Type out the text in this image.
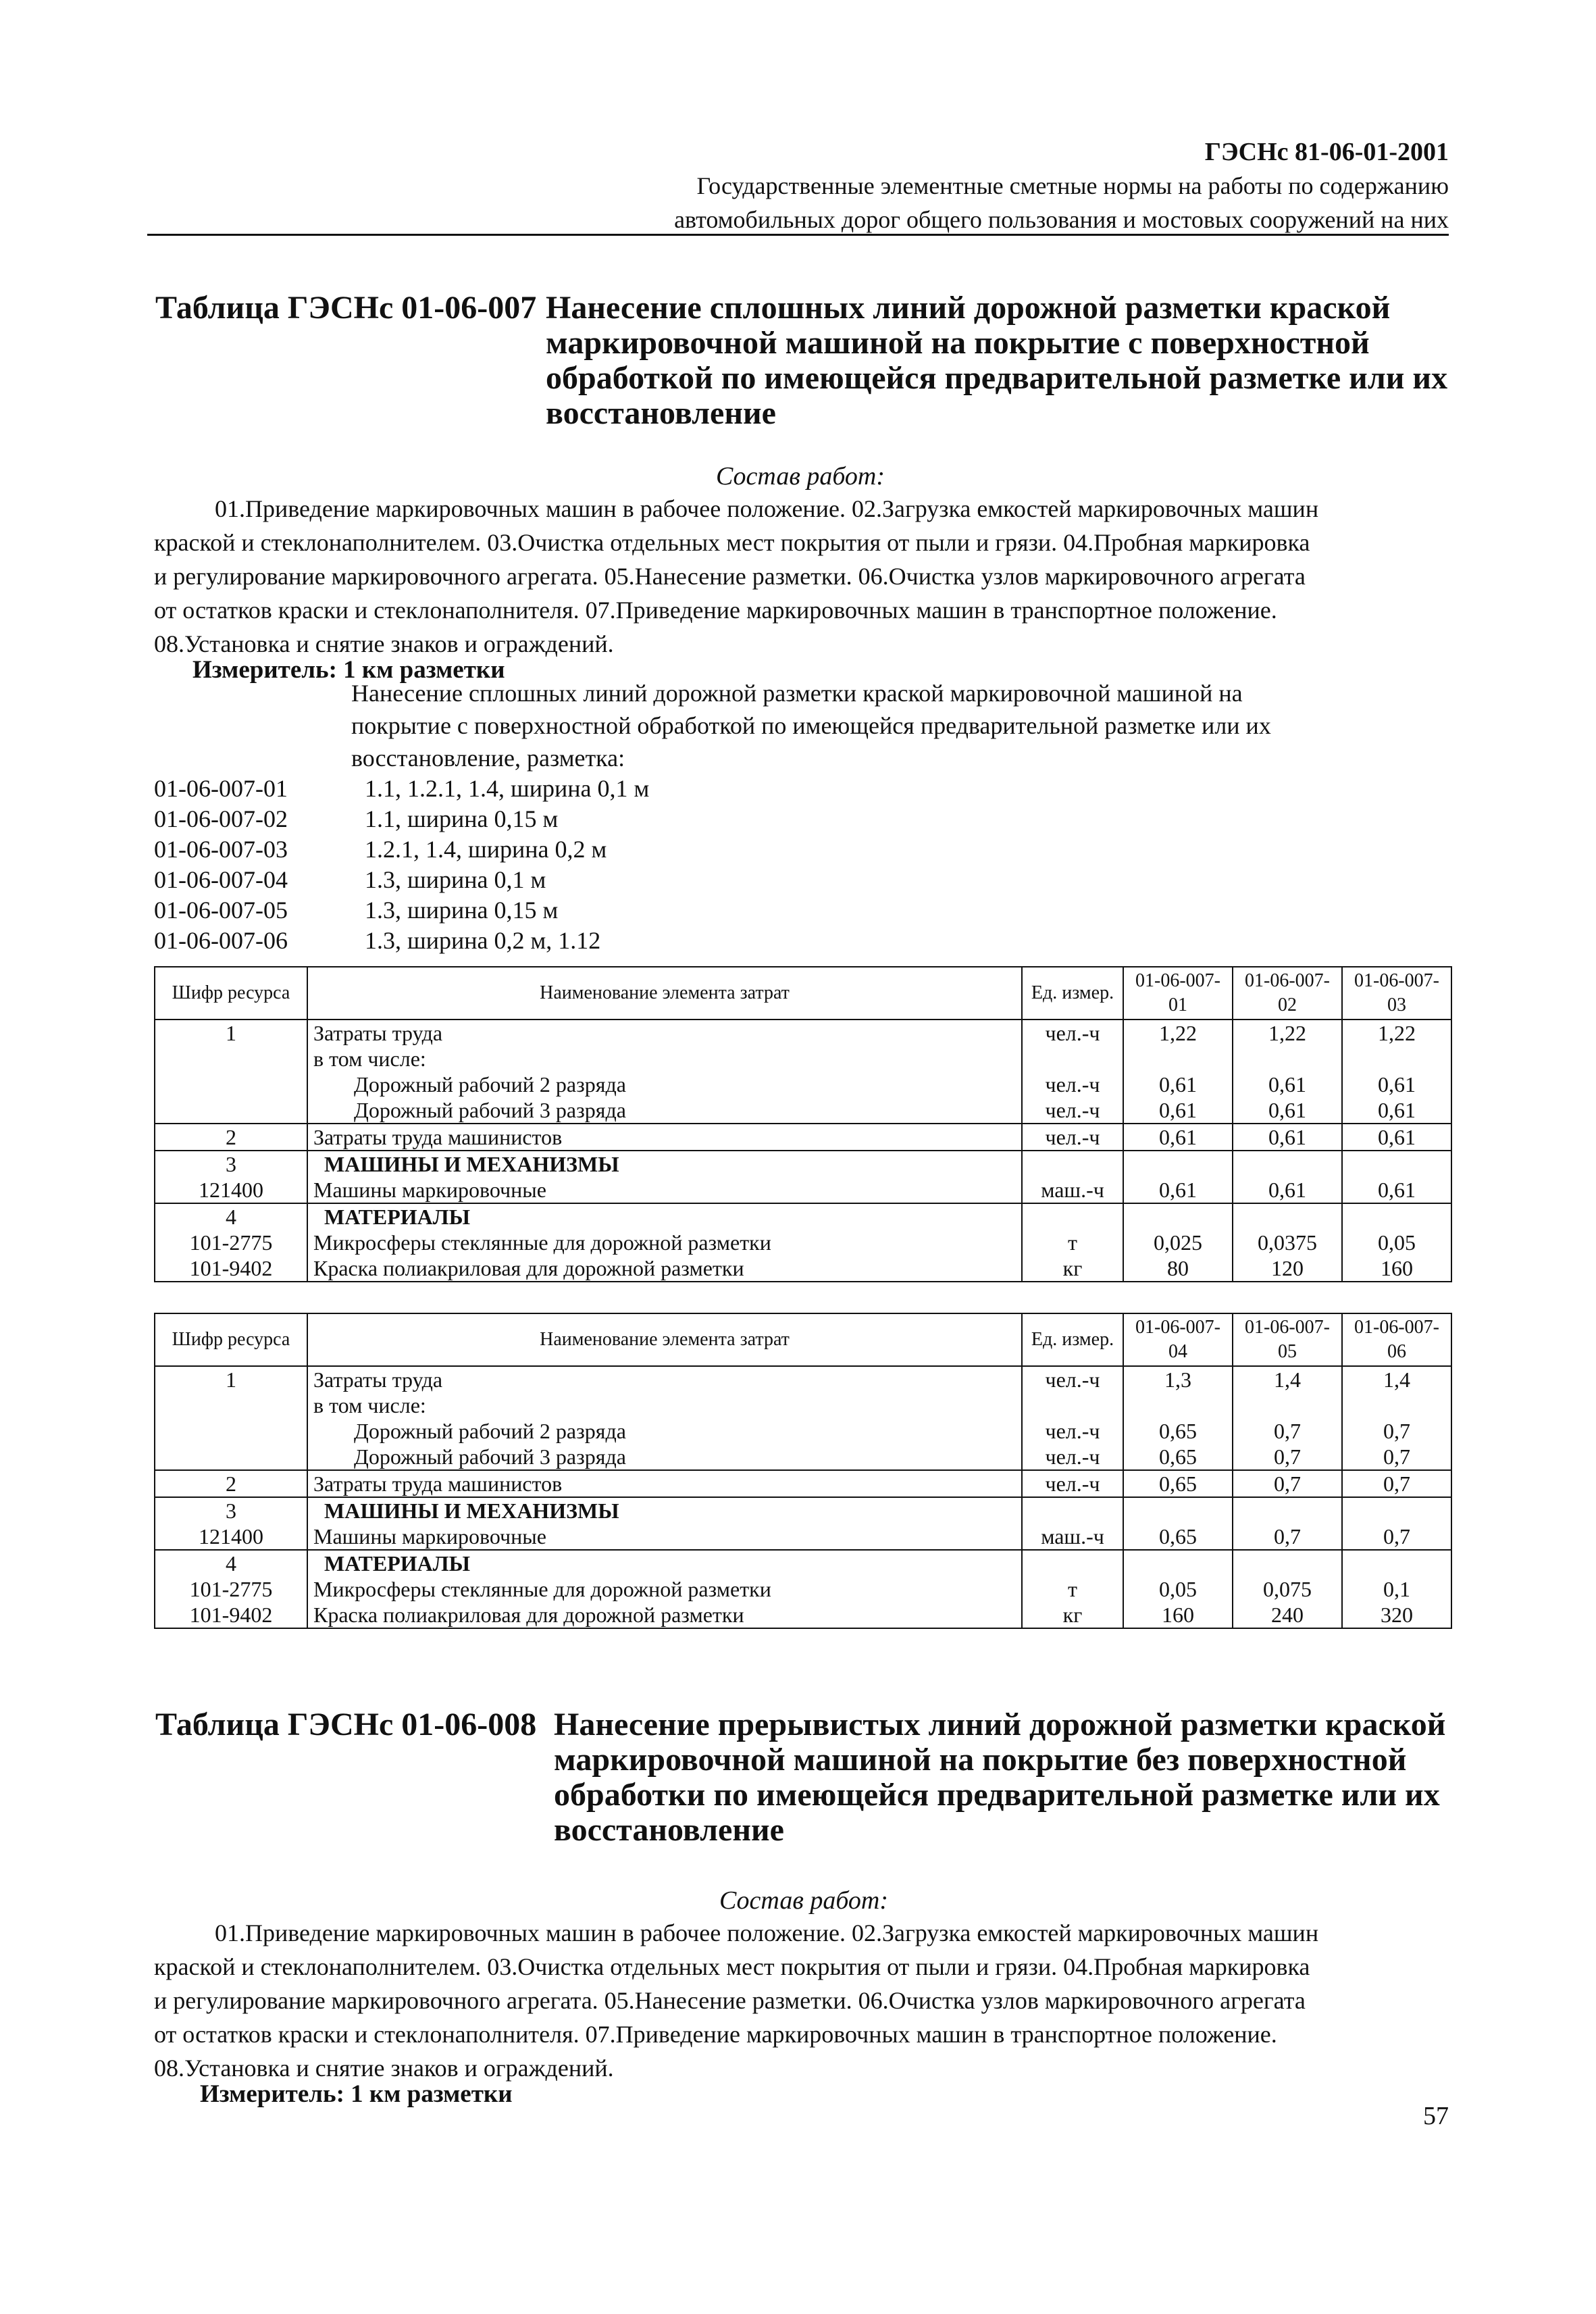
ГЭСНс 81-06-01-2001
Государственные элементные сметные нормы на работы по содержанию
автомобильных дорог общего пользования и мостовых сооружений на них
Таблица ГЭСНс 01-06-007 Нанесение сплошных линий дорожной разметки краской
маркировочной машиной на покрытие с поверхностной
обработкой по имеющейся предварительной разметке или их
восстановление
Состав работ:
01.Приведение маркировочных машин в рабочее положение. 02.Загрузка емкостей маркировочных машин
краской и стеклонаполнителем. 03.Очистка отдельных мест покрытия от пыли и грязи. 04.Пробная маркировка
и регулирование маркировочного агрегата. 05.Нанесение разметки. 06.Очистка узлов маркировочного агрегата
от остатков краски и стеклонаполнителя. 07.Приведение маркировочных машин в транспортное положение.
08.Установка и снятие знаков и ограждений.
Измеритель: 1 км разметки
Нанесение сплошных линий дорожной разметки краской маркировочной машиной на
покрытие с поверхностной обработкой по имеющейся предварительной разметке или их
восстановление, разметка:
01-06-007-01	1.1, 1.2.1, 1.4, ширина 0,1 м
01-06-007-02	1.1, ширина 0,15 м
01-06-007-03	1.2.1, 1.4, ширина 0,2 м
01-06-007-04	1.3, ширина 0,1 м
01-06-007-05	1.3, ширина 0,15 м
01-06-007-06	1.3, ширина 0,2 м, 1.12
Шифр ресурса	Наименование элемента затрат	Ед. измер.	01-06-007-01	01-06-007-02	01-06-007-03
1	Затраты труда	чел.-ч	1,22	1,22	1,22
	в том числе:				
	Дорожный рабочий 2 разряда	чел.-ч	0,61	0,61	0,61
	Дорожный рабочий 3 разряда	чел.-ч	0,61	0,61	0,61
2	Затраты труда машинистов	чел.-ч	0,61	0,61	0,61
3	МАШИНЫ И МЕХАНИЗМЫ				
121400	Машины маркировочные	маш.-ч	0,61	0,61	0,61
4	МАТЕРИАЛЫ				
101-2775	Микросферы стеклянные для дорожной разметки	т	0,025	0,0375	0,05
101-9402	Краска полиакриловая для дорожной разметки	кг	80	120	160
Шифр ресурса	Наименование элемента затрат	Ед. измер.	01-06-007-04	01-06-007-05	01-06-007-06
1	Затраты труда	чел.-ч	1,3	1,4	1,4
	в том числе:				
	Дорожный рабочий 2 разряда	чел.-ч	0,65	0,7	0,7
	Дорожный рабочий 3 разряда	чел.-ч	0,65	0,7	0,7
2	Затраты труда машинистов	чел.-ч	0,65	0,7	0,7
3	МАШИНЫ И МЕХАНИЗМЫ				
121400	Машины маркировочные	маш.-ч	0,65	0,7	0,7
4	МАТЕРИАЛЫ				
101-2775	Микросферы стеклянные для дорожной разметки	т	0,05	0,075	0,1
101-9402	Краска полиакриловая для дорожной разметки	кг	160	240	320
Таблица ГЭСНс 01-06-008 Нанесение прерывистых линий дорожной разметки краской
маркировочной машиной на покрытие без поверхностной
обработки по имеющейся предварительной разметке или их
восстановление
Состав работ:
01.Приведение маркировочных машин в рабочее положение. 02.Загрузка емкостей маркировочных машин
краской и стеклонаполнителем. 03.Очистка отдельных мест покрытия от пыли и грязи. 04.Пробная маркировка
и регулирование маркировочного агрегата. 05.Нанесение разметки. 06.Очистка узлов маркировочного агрегата
от остатков краски и стеклонаполнителя. 07.Приведение маркировочных машин в транспортное положение.
08.Установка и снятие знаков и ограждений.
Измеритель: 1 км разметки
57
